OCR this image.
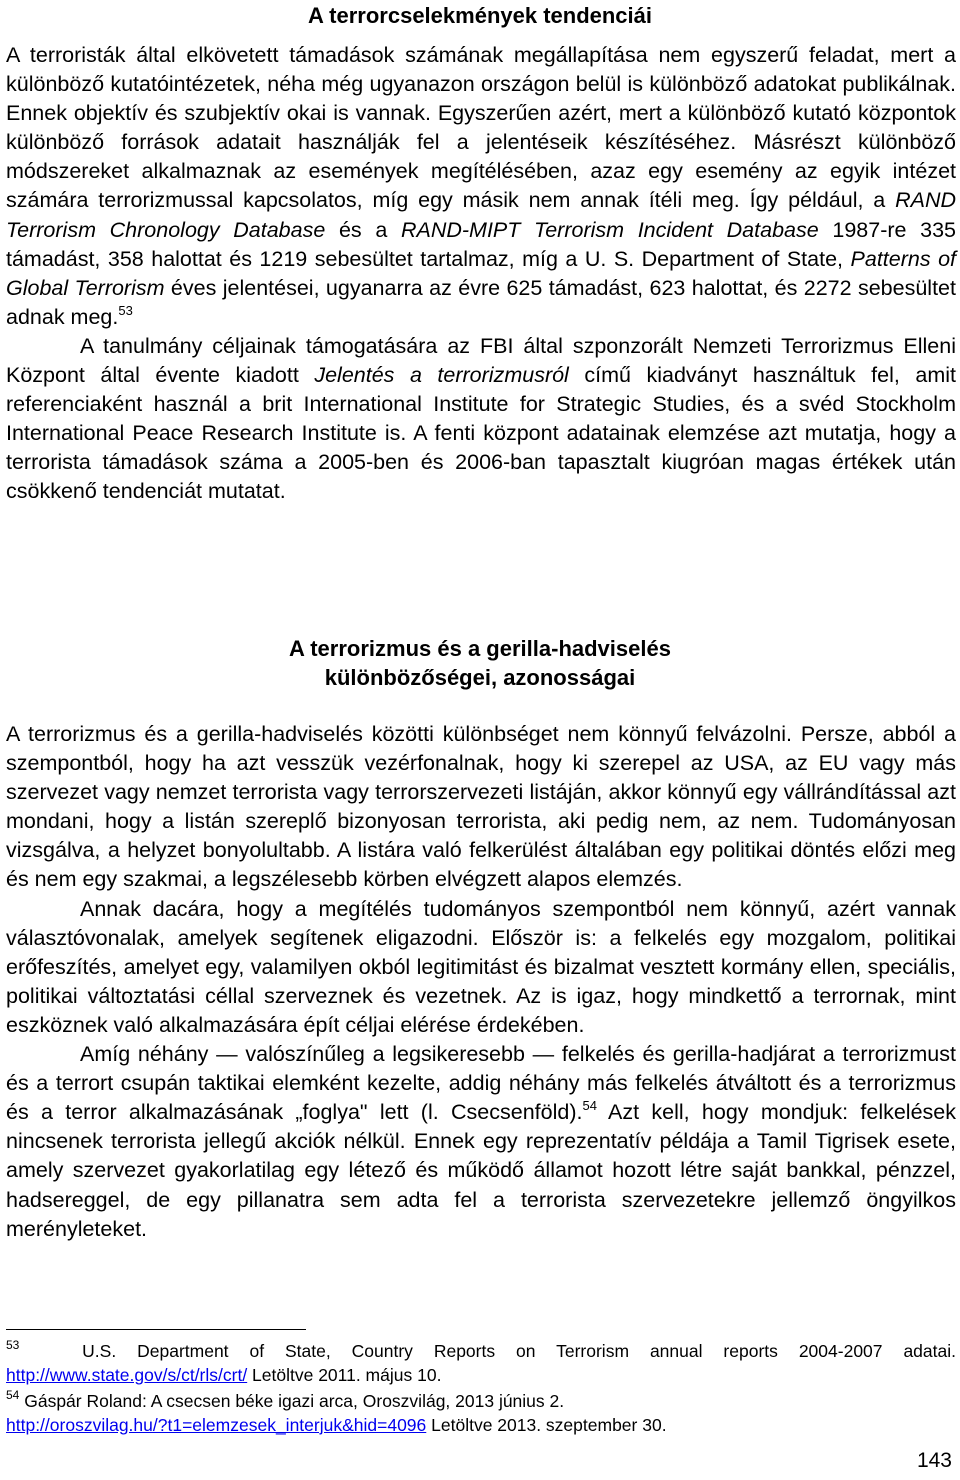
A terrorcselekmények tendenciái

A terroristák által elkövetett támadások számának megállapítása nem egyszerű feladat, mert a különböző kutatóintézetek, néha még ugyanazon országon belül is különböző adatokat publikálnak. Ennek objektív és szubjektív okai is vannak. Egyszerűen azért, mert a különböző kutató központok különböző források adatait használják fel a jelentéseik készítéséhez. Másrészt különböző módszereket alkalmaznak az események megítélésében, azaz egy esemény az egyik intézet számára terrorizmussal kapcsolatos, míg egy másik nem annak ítéli meg. Így például, a RAND Terrorism Chronology Database és a RAND-MIPT Terrorism Incident Database 1987-re 335 támadást, 358 halottat és 1219 sebesültet tartalmaz, míg a U. S. Department of State, Patterns of Global Terrorism éves jelentései, ugyanarra az évre 625 támadást, 623 halottat, és 2272 sebesültet adnak meg.$^{53}$

A tanulmány céljainak támogatására az FBI által szponzorált Nemzeti Terrorizmus Elleni Központ által évente kiadott Jelentés a terrorizmusról című kiadványt használtuk fel, amit referenciaként használ a brit International Institute for Strategic Studies, és a svéd Stockholm International Peace Research Institute is. A fenti központ adatainak elemzése azt mutatja, hogy a terrorista támadások száma a 2005-ben és 2006-ban tapasztalt kiugróan magas értékek után csökkenő tendenciát mutatat.

A terrorizmus és a gerilla-hadviselés
különbözőségei, azonosságai

A terrorizmus és a gerilla-hadviselés közötti különbséget nem könnyű felvázolni. Persze, abból a szempontból, hogy ha azt vesszük vezérfonalnak, hogy ki szerepel az USA, az EU vagy más szervezet vagy nemzet terrorista vagy terrorszervezeti listáján, akkor könnyű egy vállrándítással azt mondani, hogy a listán szereplő bizonyosan terrorista, aki pedig nem, az nem. Tudományosan vizsgálva, a helyzet bonyolultabb. A listára való felkerülést általában egy politikai döntés előzi meg és nem egy szakmai, a legszélesebb körben elvégzett alapos elemzés.

Annak dacára, hogy a megítélés tudományos szempontból nem könnyű, azért vannak választóvonalak, amelyek segítenek eligazodni. Először is: a felkelés egy mozgalom, politikai erőfeszítés, amelyet egy, valamilyen okból legitimitást és bizalmat vesztett kormány ellen, speciális, politikai változtatási céllal szerveznek és vezetnek. Az is igaz, hogy mindkettő a terrornak, mint eszköznek való alkalmazására épít céljai elérése érdekében.

Amíg néhány — valószínűleg a legsikeresebb — felkelés és gerilla-hadjárat a terrorizmust és a terrort csupán taktikai elemként kezelte, addig néhány más felkelés átváltott és a terrorizmus és a terror alkalmazásának „foglya" lett (l. Csecsenföld).$^{54}$ Azt kell, hogy mondjuk: felkelések nincsenek terrorista jellegű akciók nélkül. Ennek egy reprezentatív példája a Tamil Tigrisek esete, amely szervezet gyakorlatilag egy létező és működő államot hozott létre saját bankkal, pénzzel, hadsereggel, de egy pillanatra sem adta fel a terrorista szervezetekre jellemző öngyilkos merényleteket.

$^{53}$	U.S. Department of State, Country Reports on Terrorism annual reports 2004-2007 adatai.

http://www.state.gov/s/ct/rls/crt/ Letöltve 2011. május 10.

$^{54}$ Gáspár Roland: A csecsen béke igazi arca, Oroszvilág, 2013 június 2.

http://oroszvilag.hu/?t1=elemzesek_interjuk&hid=4096 Letöltve 2013. szeptember 30.

143
